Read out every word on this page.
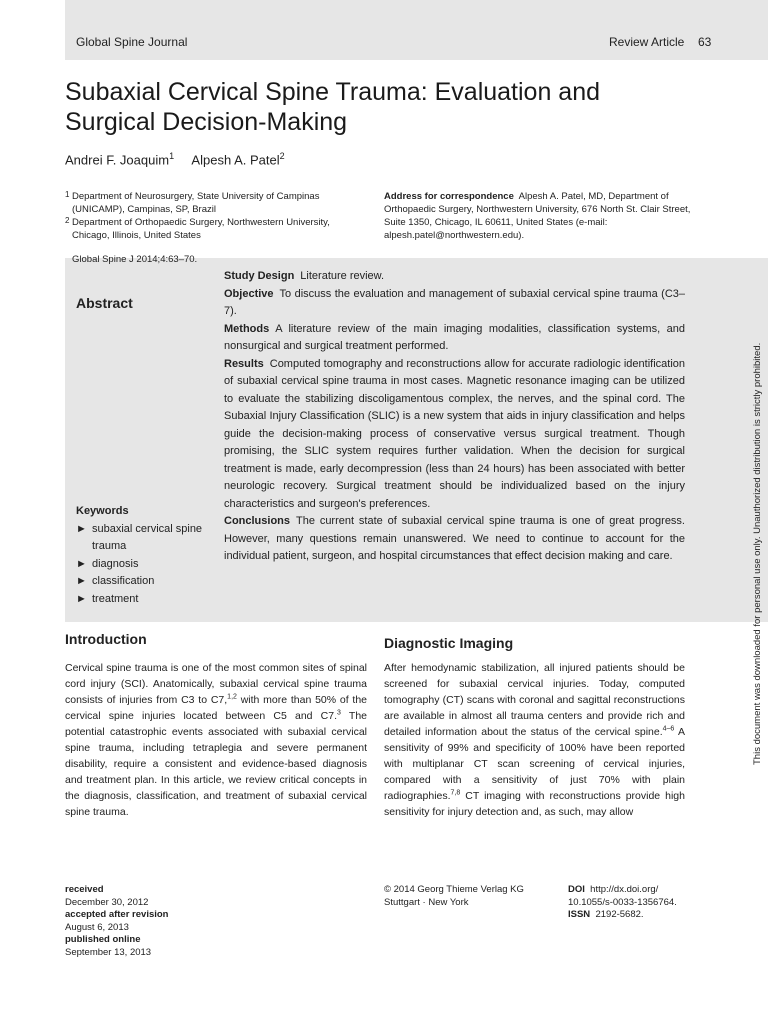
Global Spine Journal	Review Article 63
Subaxial Cervical Spine Trauma: Evaluation and Surgical Decision-Making
Andrei F. Joaquim$^1$ Alpesh A. Patel$^2$
1 Department of Neurosurgery, State University of Campinas (UNICAMP), Campinas, SP, Brazil
2 Department of Orthopaedic Surgery, Northwestern University, Chicago, Illinois, United States
Address for correspondence Alpesh A. Patel, MD, Department of Orthopaedic Surgery, Northwestern University, 676 North St. Clair Street, Suite 1350, Chicago, IL 60611, United States (e-mail: alpesh.patel@northwestern.edu).
Global Spine J 2014;4:63–70.
Abstract

Study Design Literature review.

Objective To discuss the evaluation and management of subaxial cervical spine trauma (C3–7).

Methods A literature review of the main imaging modalities, classification systems, and nonsurgical and surgical treatment performed.

Results Computed tomography and reconstructions allow for accurate radiologic identification of subaxial cervical spine trauma in most cases. Magnetic resonance imaging can be utilized to evaluate the stabilizing discoligamentous complex, the nerves, and the spinal cord. The Subaxial Injury Classification (SLIC) is a new system that aids in injury classification and helps guide the decision-making process of conservative versus surgical treatment. Though promising, the SLIC system requires further validation. When the decision for surgical treatment is made, early decompression (less than 24 hours) has been associated with better neurologic recovery. Surgical treatment should be individualized based on the injury characteristics and surgeon's preferences.

Conclusions The current state of subaxial cervical spine trauma is one of great progress. However, many questions remain unanswered. We need to continue to account for the individual patient, surgeon, and hospital circumstances that effect decision making and care.

Keywords
► subaxial cervical spine trauma
► diagnosis
► classification
► treatment
Introduction

Cervical spine trauma is one of the most common sites of spinal cord injury (SCI). Anatomically, subaxial cervical spine trauma consists of injuries from C3 to C7,$^{1,2}$ with more than 50% of the cervical spine injuries located between C5 and C7.$^3$ The potential catastrophic events associated with subaxial cervical spine trauma, including tetraplegia and severe permanent disability, require a consistent and evidence-based diagnosis and treatment plan. In this article, we review critical concepts in the diagnosis, classification, and treatment of subaxial cervical spine trauma.

Diagnostic Imaging

After hemodynamic stabilization, all injured patients should be screened for subaxial cervical injuries. Today, computed tomography (CT) scans with coronal and sagittal reconstructions are available in almost all trauma centers and provide rich and detailed information about the status of the cervical spine.$^{4-6}$ A sensitivity of 99% and specificity of 100% have been reported with multiplanar CT scan screening of cervical injuries, compared with a sensitivity of just 70% with plain radiographies.$^{7,8}$ CT imaging with reconstructions provide high sensitivity for injury detection and, as such, may allow

received
December 30, 2012
accepted after revision
August 6, 2013
published online
September 13, 2013
© 2014 Georg Thieme Verlag KG
Stuttgart · New York
DOI http://dx.doi.org/
10.1055/s-0033-1356764.
ISSN 2192-5682.
This document was downloaded for personal use only. Unauthorized distribution is strictly prohibited.
